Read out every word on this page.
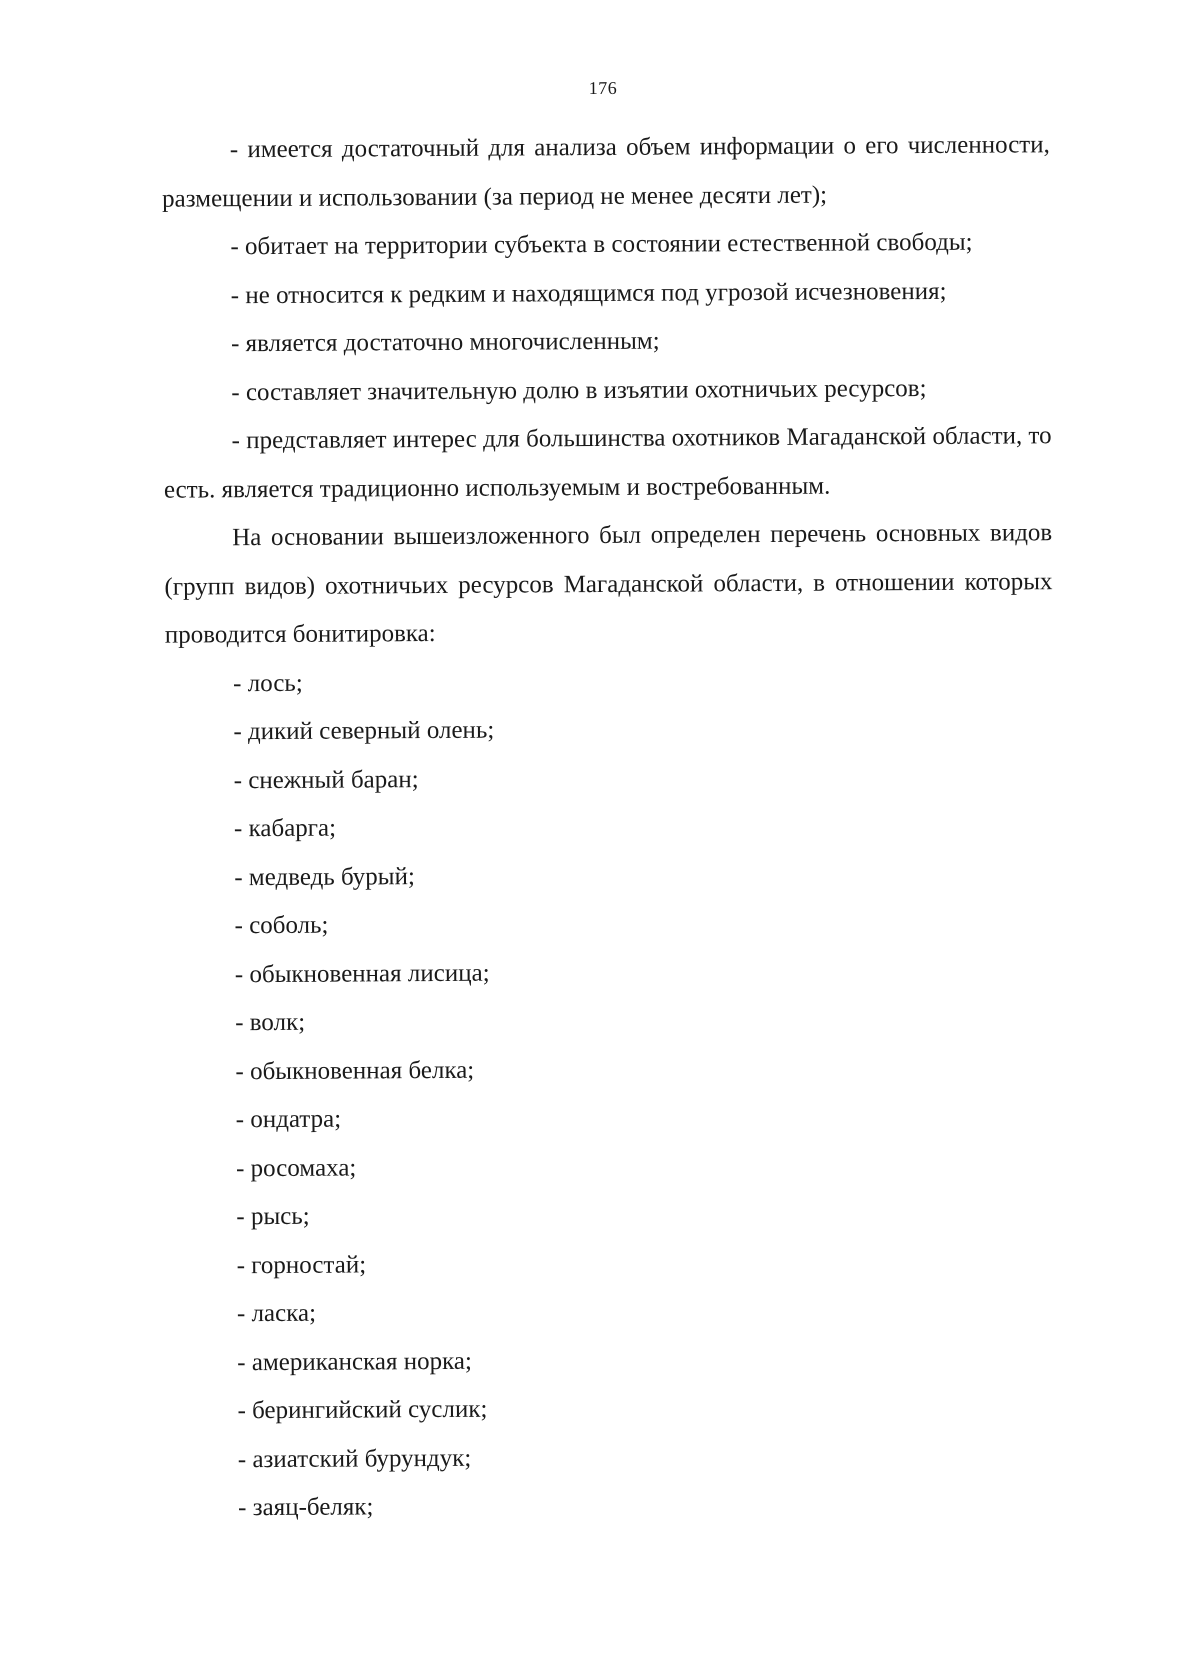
176

- имеется достаточный для анализа объем информации о его численности, размещении и использовании (за период не менее десяти лет);

- обитает на территории субъекта в состоянии естественной свободы;

- не относится к редким и находящимся под угрозой исчезновения;

- является достаточно многочисленным;

- составляет значительную долю в изъятии охотничьих ресурсов;

- представляет интерес для большинства охотников Магаданской области, то есть. является традиционно используемым и востребованным.

На основании вышеизложенного был определен перечень основных видов (групп видов) охотничьих ресурсов Магаданской области, в отношении которых проводится бонитировка:

- лось;
- дикий северный олень;
- снежный баран;
- кабарга;
- медведь бурый;
- соболь;
- обыкновенная лисица;
- волк;
- обыкновенная белка;
- ондатра;
- росомаха;
- рысь;
- горностай;
- ласка;
- американская норка;
- берингийский суслик;
- азиатский бурундук;
- заяц-беляк;
